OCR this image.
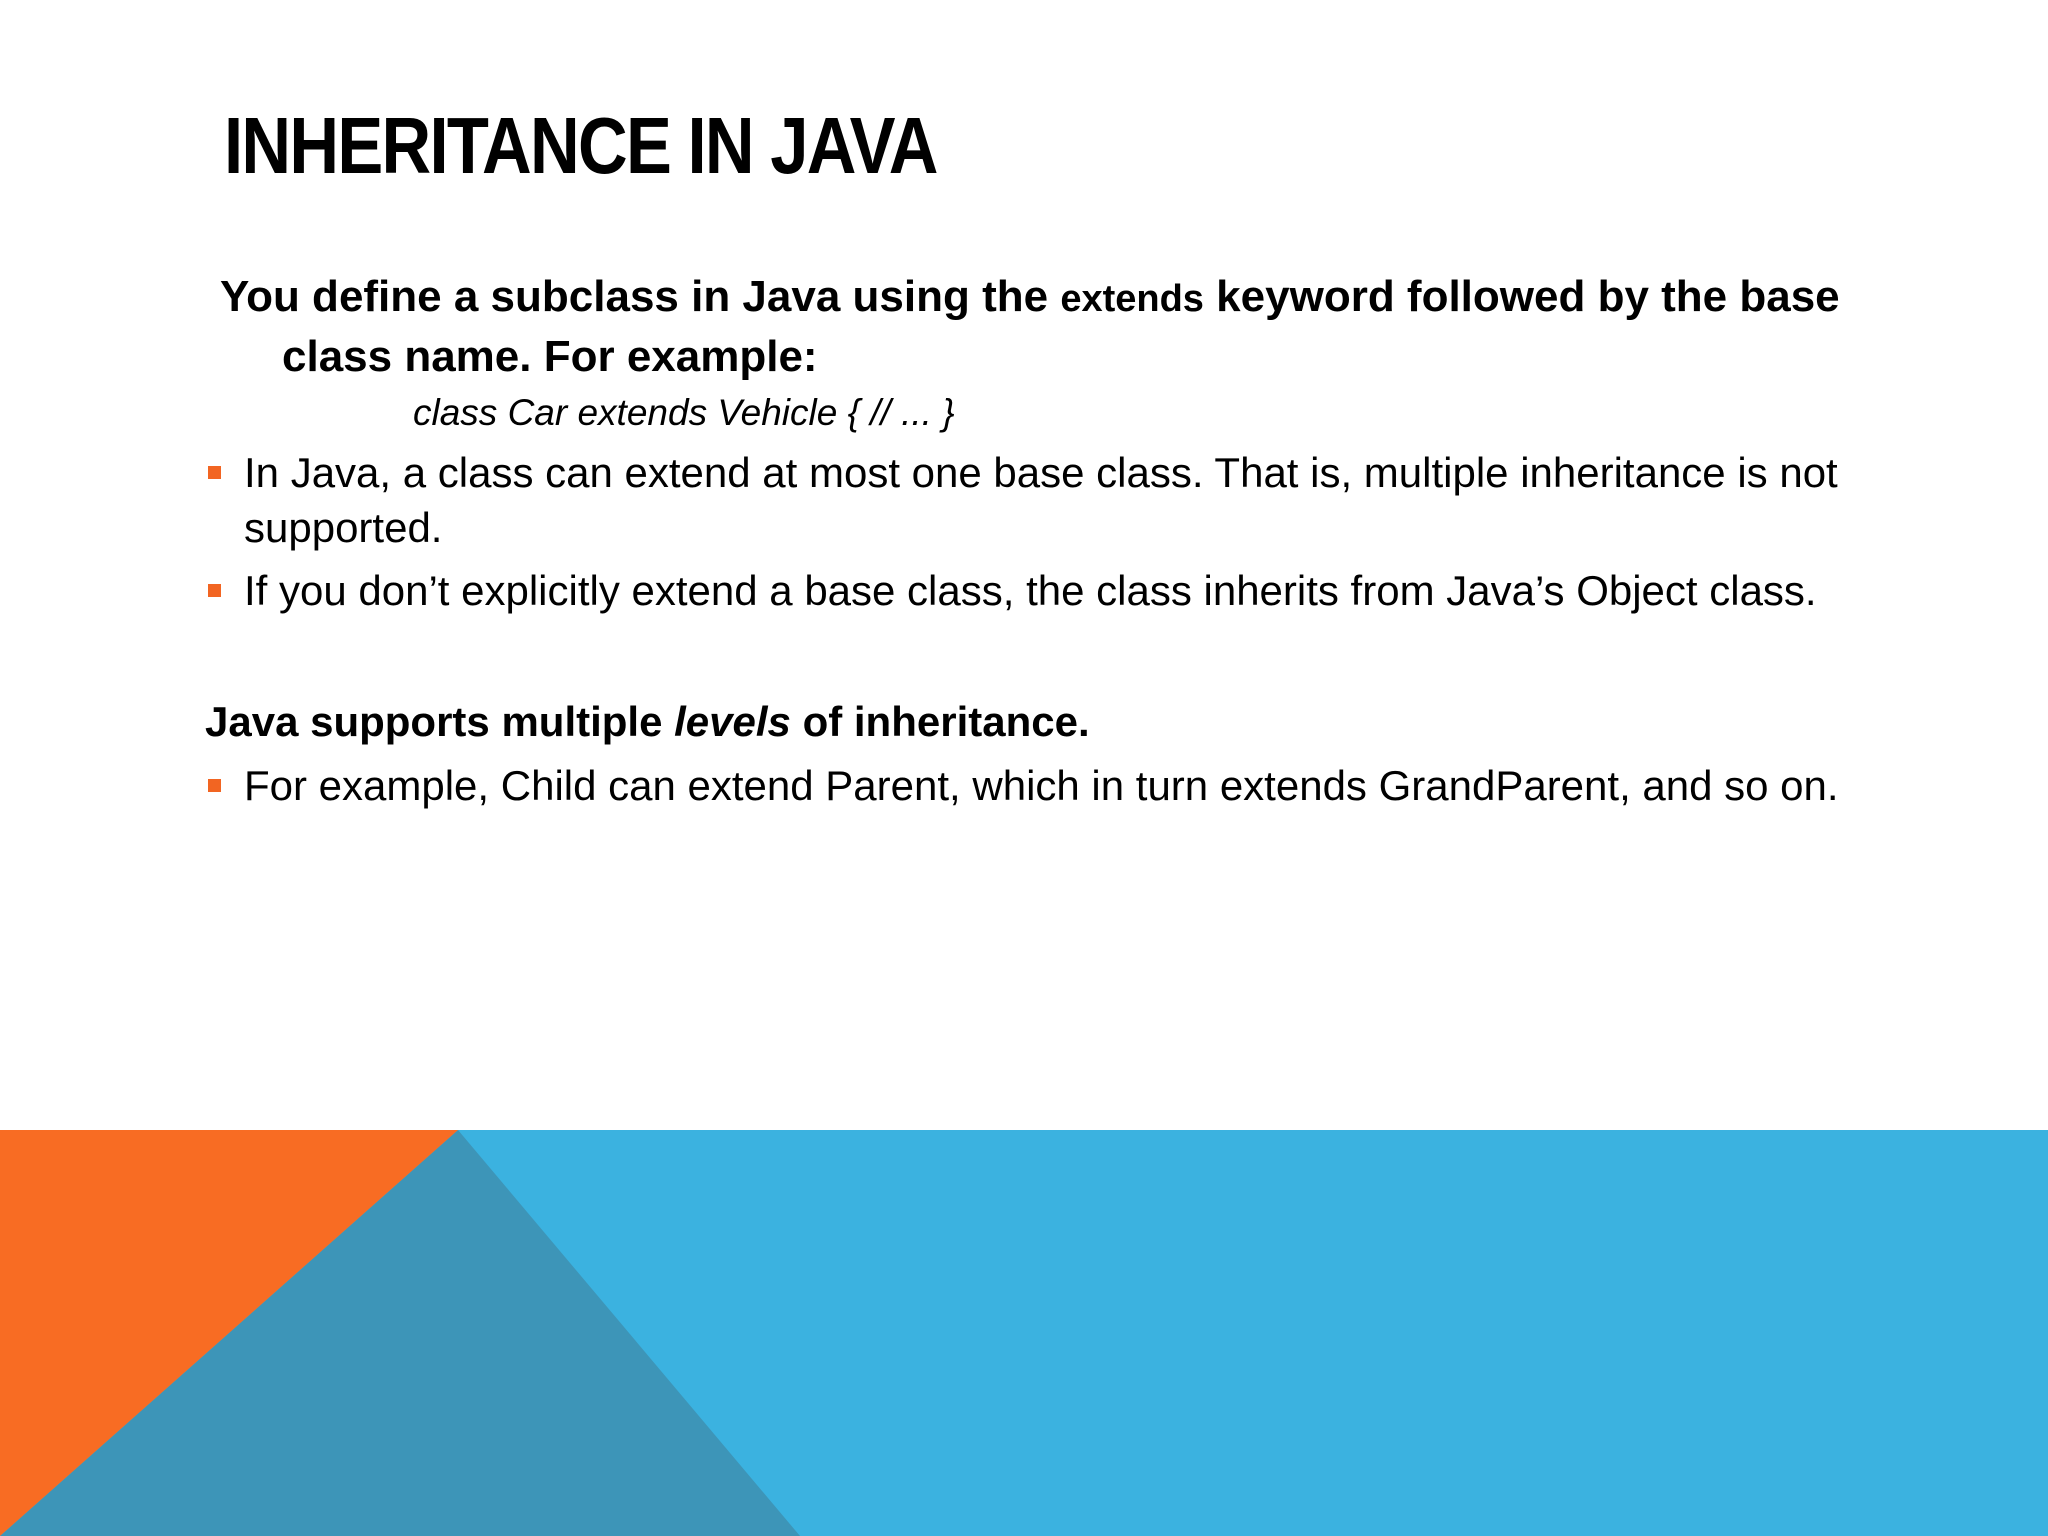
INHERITANCE IN JAVA
You define a subclass in Java using the extends keyword followed by the base class name. For example:
class Car extends Vehicle { // ... }
In Java, a class can extend at most one base class. That is, multiple inheritance is not supported.
If you don’t explicitly extend a base class, the class inherits from Java’s Object class.
Java supports multiple levels of inheritance.
For example, Child can extend Parent, which in turn extends GrandParent, and so on.
